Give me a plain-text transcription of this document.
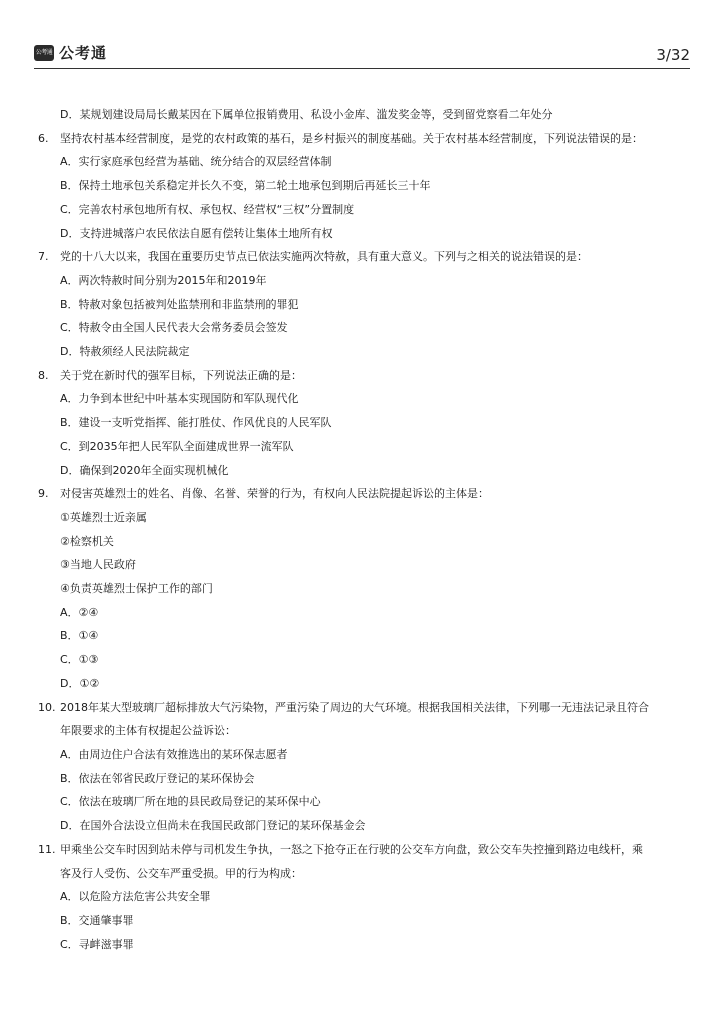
公考通 公考通	3/32
D．某规划建设局局长戴某因在下属单位报销费用、私设小金库、滥发奖金等，受到留党察看二年处分
6. 坚持农村基本经营制度，是党的农村政策的基石，是乡村振兴的制度基础。关于农村基本经营制度，下列说法错误的是：
A．实行家庭承包经营为基础、统分结合的双层经营体制
B．保持土地承包关系稳定并长久不变，第二轮土地承包到期后再延长三十年
C．完善农村承包地所有权、承包权、经营权“三权”分置制度
D．支持进城落户农民依法自愿有偿转让集体土地所有权
7. 党的十八大以来，我国在重要历史节点已依法实施两次特赦，具有重大意义。下列与之相关的说法错误的是：
A．两次特赦时间分别为2015年和2019年
B．特赦对象包括被判处监禁刑和非监禁刑的罪犯
C．特赦令由全国人民代表大会常务委员会签发
D．特赦须经人民法院裁定
8. 关于党在新时代的强军目标，下列说法正确的是：
A．力争到本世纪中叶基本实现国防和军队现代化
B．建设一支听党指挥、能打胜仗、作风优良的人民军队
C．到2035年把人民军队全面建成世界一流军队
D．确保到2020年全面实现机械化
9. 对侵害英雄烈士的姓名、肖像、名誉、荣誉的行为，有权向人民法院提起诉讼的主体是：
①英雄烈士近亲属
②检察机关
③当地人民政府
④负责英雄烈士保护工作的部门
A．②④
B．①④
C．①③
D．①②
10. 2018年某大型玻璃厂超标排放大气污染物，严重污染了周边的大气环境。根据我国相关法律，下列哪一无违法记录且符合
年限要求的主体有权提起公益诉讼：
A．由周边住户合法有效推选出的某环保志愿者
B．依法在邻省民政厅登记的某环保协会
C．依法在玻璃厂所在地的县民政局登记的某环保中心
D．在国外合法设立但尚未在我国民政部门登记的某环保基金会
11. 甲乘坐公交车时因到站未停与司机发生争执，一怒之下抢夺正在行驶的公交车方向盘，致公交车失控撞到路边电线杆，乘
客及行人受伤、公交车严重受损。甲的行为构成：
A．以危险方法危害公共安全罪
B．交通肇事罪
C．寻衅滋事罪
